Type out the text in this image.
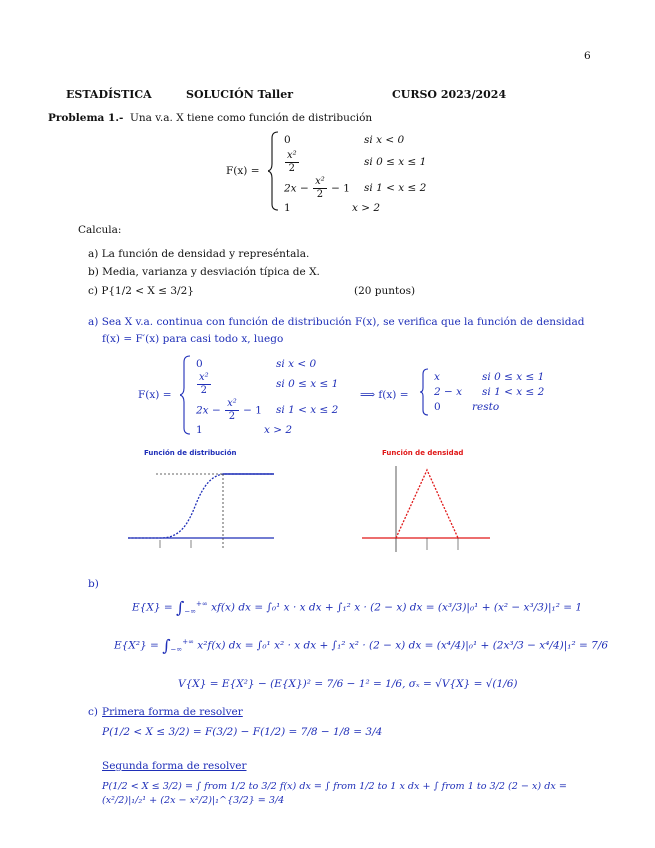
6
ESTADÍSTICA	SOLUCIÓN Taller	CURSO 2023/2024
Problema 1.- Una v.a. X tiene como función de distribución
F(x) =
0	si x < 0
$\frac{\text{x²}}{2}$	si 0 ≤ x ≤ 1
$2x - \frac{\text{x²}}{2} - 1$ si 1 < x ≤ 2
1	x > 2
Calcula:
a) La función de densidad y represéntala.
b) Media, varianza y desviación típica de X.
c) P{1/2 < X ≤ 3/2}	(20 puntos)
a) Sea X v.a. continua con función de distribución F(x), se verifica que la función de densidad
f(x) = F′(x) para casi todo x, luego
F(x) =
0	si x < 0
$\frac{\text{x²}}{2}$	si 0 ≤ x ≤ 1
$2x - \frac{\text{x²}}{2} - 1$ si 1 < x ≤ 2
1	x > 2
⟹ f(x) =
x	si 0 ≤ x ≤ 1
2 − x si 1 < x ≤ 2
0	resto
Función de distribución	Función de densidad
b)
$E\{X\} = \int_{-\infty}^{+\infty}$ xf(x) dx = ∫₀¹ x · x dx + ∫₁² x · (2 − x) dx = (x³/3)|₀¹ + (x² − x³/3)|₁² = 1
$E\{X^2\} = \int_{-\infty}^{+\infty}$ x²f(x) dx = ∫₀¹ x² · x dx + ∫₁² x² · (2 − x) dx = (x⁴/4)|₀¹ + (2x³/3 − x⁴/4)|₁² = 7/6
V{X} = E{X²} − (E{X})² = 7/6 − 1² = 1/6, σₓ = √V{X} = √(1/6)
c) Primera forma de resolver
P(1/2 < X ≤ 3/2) = F(3/2) − F(1/2) = 7/8 − 1/8 = 3/4
Segunda forma de resolver
P(1/2 < X ≤ 3/2) = ∫ from 1/2 to 3/2 f(x) dx = ∫ from 1/2 to 1 x dx + ∫ from 1 to 3/2 (2 − x) dx = (x²/2)|₁/₂¹ + (2x − x²/2)|₁^{3/2} = 3/4
